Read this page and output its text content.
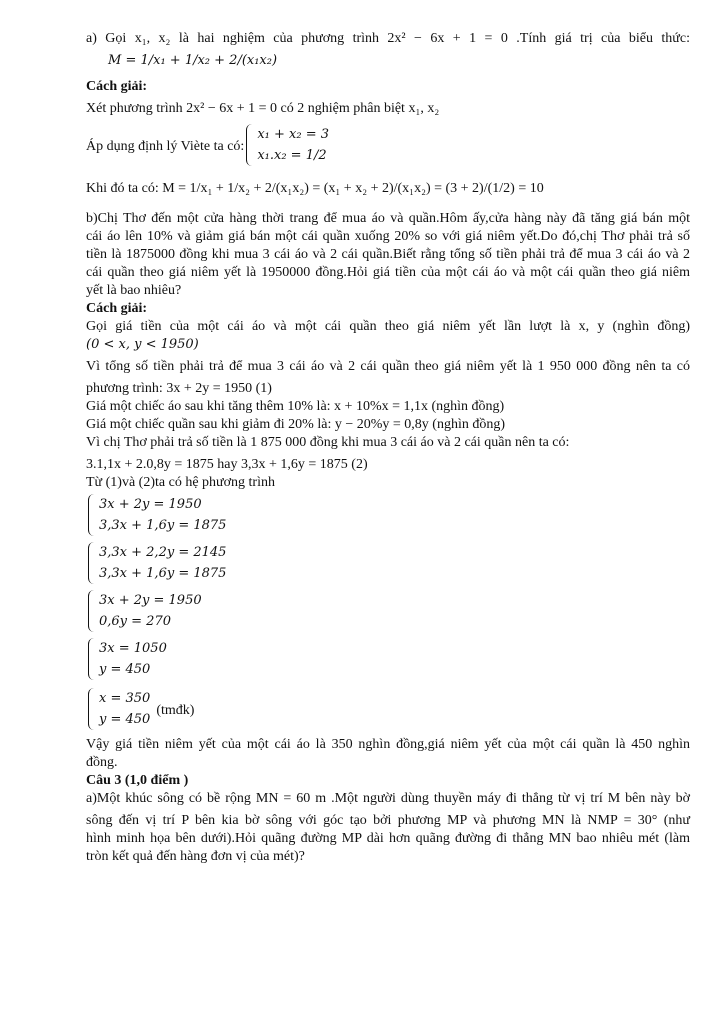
a) Gọi x₁, x₂ là hai nghiệm của phương trình 2x² − 6x + 1 = 0 .Tính giá trị của biểu thức:

M = 1/x₁ + 1/x₂ + 2/(x₁x₂)

Cách giải:

Xét phương trình 2x² − 6x + 1 = 0 có 2 nghiệm phân biệt x₁, x₂

Áp dụng định lý Viète ta có:
x₁ + x₂ = 3
x₁.x₂ = 1/2

Khi đó ta có: M = 1/x₁ + 1/x₂ + 2/(x₁x₂) = (x₁ + x₂ + 2)/(x₁x₂) = (3 + 2)/(1/2) = 10

b)Chị Thơ đến một cửa hàng thời trang để mua áo và quần.Hôm ấy,cửa hàng này đã tăng giá bán một

cái áo lên 10% và giảm giá bán một cái quần xuống 20% so với giá niêm yết.Do đó,chị Thơ phải trả số

tiền là 1875000 đồng khi mua 3 cái áo và 2 cái quần.Biết rằng tổng số tiền phải trả để mua 3 cái áo và 2

cái quần theo giá niêm yết là 1950000 đồng.Hỏi giá tiền của một cái áo và một cái quần theo giá niêm

yết là bao nhiêu?

Cách giải:

Gọi giá tiền của một cái áo và một cái quần theo giá niêm yết lần lượt là x, y (nghìn đồng)

(0 < x, y < 1950)

Vì tổng số tiền phải trả để mua 3 cái áo và 2 cái quần theo giá niêm yết là 1 950 000 đồng nên ta có

phương trình: 3x + 2y = 1950 (1)

Giá một chiếc áo sau khi tăng thêm 10% là: x + 10%x = 1,1x (nghìn đồng)

Giá một chiếc quần sau khi giảm đi 20% là: y − 20%y = 0,8y (nghìn đồng)

Vì chị Thơ phải trả số tiền là 1 875 000 đồng khi mua 3 cái áo và 2 cái quần nên ta có:

3.1,1x + 2.0,8y = 1875 hay 3,3x + 1,6y = 1875 (2)

Từ (1)và (2)ta có hệ phương trình

3x + 2y = 1950
3,3x + 1,6y = 1875
3,3x + 2,2y = 2145
3,3x + 1,6y = 1875
3x + 2y = 1950
0,6y = 270
3x = 1050
y = 450
x = 350
y = 450
(tmđk)

Vậy giá tiền niêm yết của một cái áo là 350 nghìn đồng,giá niêm yết của một cái quần là 450 nghìn

đồng.

Câu 3 (1,0 điểm )

a)Một khúc sông có bề rộng MN = 60 m .Một người dùng thuyền máy đi thẳng từ vị trí M bên này bờ

sông đến vị trí P bên kia bờ sông với góc tạo bởi phương MP và phương MN là NMP = 30° (như

hình minh họa bên dưới).Hỏi quãng đường MP dài hơn quãng đường đi thẳng MN bao nhiêu mét (làm

tròn kết quả đến hàng đơn vị của mét)?
